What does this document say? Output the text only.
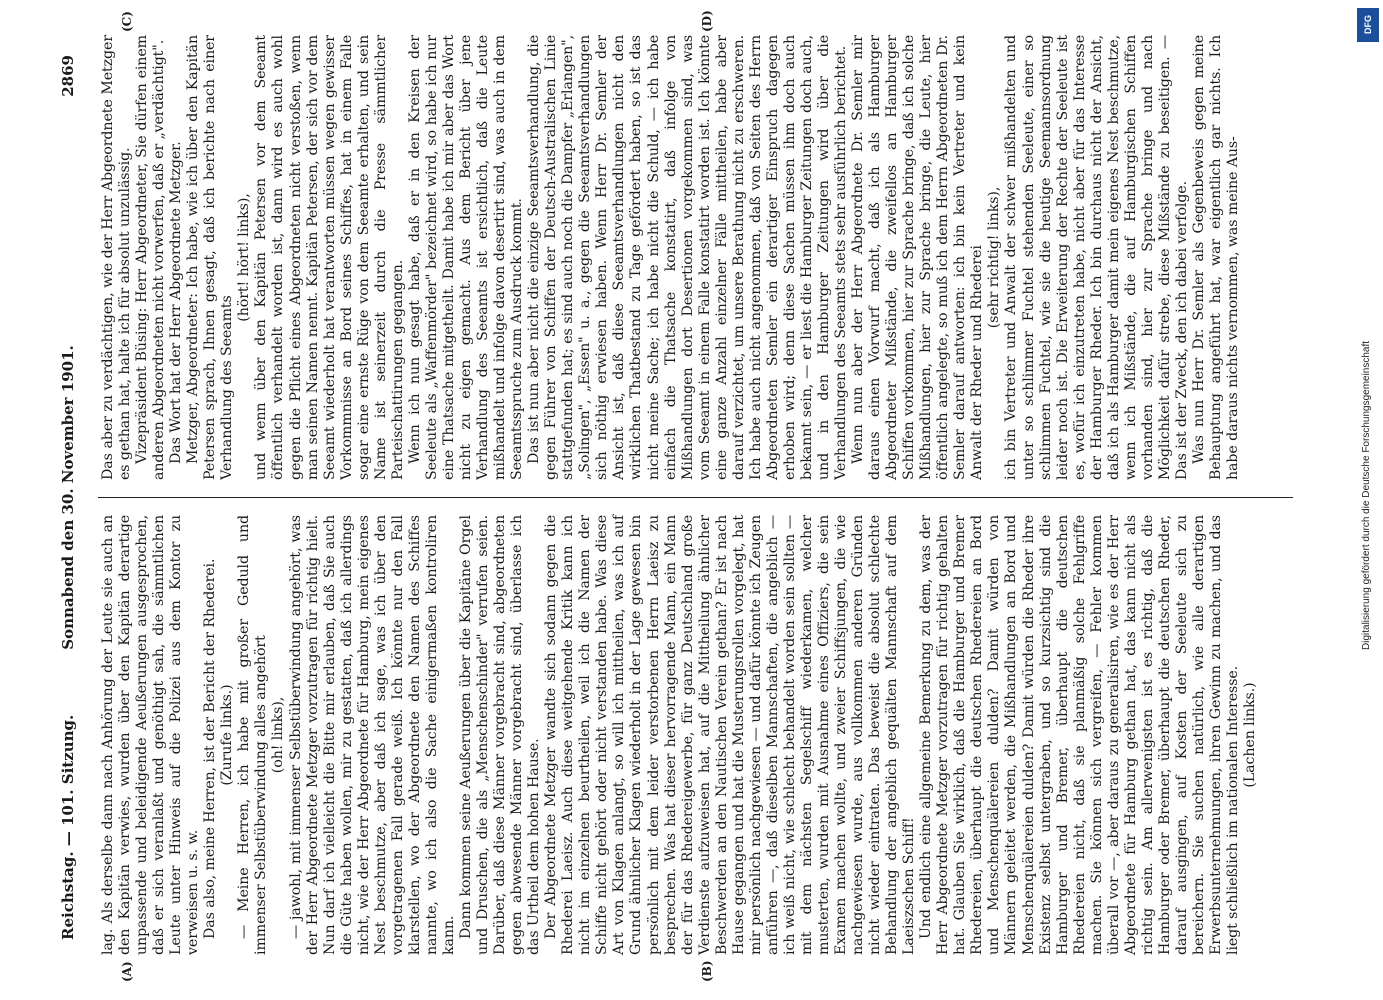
Reichstag. — 101. Sitzung.
Sonnabend den 30. November 1901.
2869
(A)	(B)
(C)	(D)

lag. Als derselbe dann nach Anhörung der Leute sie auch an den Kapitän verwies, wurden über den Kapitän derartige unpassende und beleidigende Aeußerungen ausgesprochen, daß er sich veranlaßt und genöthigt sah, die sämmtlichen Leute unter Hinweis auf die Polizei aus dem Kontor zu verweisen u. s. w. Das also, meine Herren, ist der Bericht der Rhederei. (Zurufe links.) — Meine Herren, ich habe mit großer Geduld und immenser Selbstüberwindung alles angehört (oh! links), — jawohl, mit immenser Selbstüberwindung angehört, was der Herr Abgeordnete Metzger vorzutragen für richtig hielt. Nun darf ich vielleicht die Bitte mir erlauben, daß Sie auch die Güte haben wollen, mir zu gestatten, daß ich allerdings nicht, wie der Herr Abgeordnete für Hamburg, mein eigenes Nest beschmutze, aber daß ich sage, was ich über den vorgetragenen Fall gerade weiß. Ich könnte nur den Fall klarstellen, wo der Abgeordnete den Namen des Schiffes nannte, wo ich also die Sache einigermaßen kontroliren kann. Dann kommen seine Aeußerungen über die Kapitäne Orgel und Druschen, die als „Menschenschinder" verrufen seien. Darüber, daß diese Männer vorgebracht sind, abgeordneten gegen abwesende Männer vorgebracht sind, überlasse ich das Urtheil dem hohen Hause. Der Abgeordnete Metzger wandte sich sodann gegen die Rhederei Laeisz. Auch diese weitgehende Kritik kann ich nicht im einzelnen beurtheilen, weil ich die Namen der Schiffe nicht gehört oder nicht verstanden habe. Was diese Art von Klagen anlangt, so will ich mittheilen, was ich auf Grund ähnlicher Klagen wiederholt in der Lage gewesen bin persönlich mit dem leider verstorbenen Herrn Laeisz zu besprechen. Was hat dieser hervorragende Mann, ein Mann der für das Rhedereigewerbe, für ganz Deutschland große Verdienste aufzuweisen hat, auf die Mittheilung ähnlicher Beschwerden an den Nautischen Verein gethan? Er ist nach Hause gegangen und hat die Musterungsrollen vorgelegt, hat mir persönlich nachgewiesen — und dafür könnte ich Zeugen anführen —, daß dieselben Mannschaften, die angeblich — ich weiß nicht, wie schlecht behandelt worden sein sollten — mit dem nächsten Segelschiff wiederkamen, welcher musterten, wurden mit Ausnahme eines Offiziers, die sein Examen machen wollte, und zweier Schiffsjungen, die wie nachgewiesen wurde, aus vollkommen anderen Gründen nicht wieder eintraten. Das beweist die absolut schlechte Behandlung der angeblich gequälten Mannschaft auf dem Laeiszschen Schiff! Und endlich eine allgemeine Bemerkung zu dem, was der Herr Abgeordnete Metzger vorzutragen für richtig gehalten hat. Glauben Sie wirklich, daß die Hamburger und Bremer Rhedereien, überhaupt die deutschen Rhedereien an Bord und Menschenquälereien dulden? Damit würden von Männern geleitet werden, die Mißhandlungen an Bord und Menschenquälereien dulden? Damit würden die Rheder ihre Existenz selbst untergraben, und so kurzsichtig sind die Hamburger und Bremer, überhaupt die deutschen Rhedereien nicht, daß sie planmäßig solche Fehlgriffe machen. Sie können sich vergreifen, — Fehler kommen überall vor —, aber daraus zu generalisiren, wie es der Herr Abgeordnete für Hamburg gethan hat, das kann nicht als richtig sein. Am allerwenigsten ist es richtig, daß die Hamburger oder Bremer, überhaupt die deutschen Rheder, darauf ausgingen, auf Kosten der Seeleute sich zu bereichern. Sie suchen natürlich, wie alle derartigen Erwerbsunternehmungen, ihren Gewinn zu machen, und das liegt schließlich im nationalen Interesse. (Lachen links.)

Das aber zu verdächtigen, wie der Herr Abgeordnete Metzger es gethan hat, halte ich für absolut unzulässig. Vizepräsident Büsing: Herr Abgeordneter, Sie dürfen einem anderen Abgeordneten nicht vorwerfen, daß er „verdächtigt". Das Wort hat der Herr Abgeordnete Metzger. Metzger, Abgeordneter: Ich habe, wie ich über den Kapitän Petersen sprach, Ihnen gesagt, daß ich berichte nach einer Verhandlung des Seeamts

(hört! hört! links), und wenn über den Kapitän Petersen vor dem Seeamt öffentlich verhandelt worden ist, dann wird es auch wohl gegen die Pflicht eines Abgeordneten nicht verstoßen, wenn man seinen Namen nennt. Kapitän Petersen, der sich vor dem Seeamt wiederholt hat verantworten müssen wegen gewisser Vorkommnisse an Bord seines Schiffes, hat in einem Falle sogar eine ernste Rüge von dem Seeamte erhalten, und sein Name ist seinerzeit durch die Presse sämmtlicher Parteischattirungen gegangen. Wenn ich nun gesagt habe, daß er in den Kreisen der Seeleute als „Waffenmörder" bezeichnet wird, so habe ich nur eine Thatsache mitgetheilt. Damit habe ich mir aber das Wort nicht zu eigen gemacht. Aus dem Bericht über jene Verhandlung des Seeamts ist ersichtlich, daß die Leute mißhandelt und infolge davon desertirt sind, was auch in dem Seeamtsspruche zum Ausdruck kommt. Das ist nun aber nicht die einzige Seeamtsverhandlung, die gegen Führer von Schiffen der Deutsch-Australischen Linie stattgefunden hat; es sind auch noch die Dampfer „Erlangen", „Solingen", „Essen" u. a., gegen die Seeamtsverhandlungen sich nöthig erwiesen haben. Wenn Herr Dr. Semler der Ansicht ist, daß diese Seeamtsverhandlungen nicht den wirklichen Thatbestand zu Tage gefördert haben, so ist das nicht meine Sache; ich habe nicht die Schuld, — ich habe einfach die Thatsache konstatirt, daß infolge von Mißhandlungen dort Desertionen vorgekommen sind, was vom Seeamt in einem Falle konstatirt worden ist. Ich könnte eine ganze Anzahl einzelner Fälle mittheilen, habe aber darauf verzichtet, um unsere Berathung nicht zu erschweren. Ich habe auch nicht angenommen, daß von Seiten des Herrn Abgeordneten Semler ein derartiger Einspruch dagegen erhoben wird; denn diese Sachen müssen ihm doch auch bekannt sein, — er liest die Hamburger Zeitungen doch auch, und in den Hamburger Zeitungen wird über die Verhandlungen des Seeamts stets sehr ausführlich berichtet. Wenn nun aber der Herr Abgeordnete Dr. Semler mir daraus einen Vorwurf macht, daß ich als Hamburger Abgeordneter Mißstände, die zweifellos an Hamburger Schiffen vorkommen, hier zur Sprache bringe, daß ich solche Mißhandlungen, hier zur Sprache bringe, die Leute, hier öffentlich angelegte, so muß ich dem Herrn Abgeordneten Dr. Semler darauf antworten: ich bin kein Vertreter und kein Anwalt der Rheder und Rhederei (sehr richtig! links), ich bin Vertreter und Anwalt der schwer mißhandelten und unter so schlimmer Fuchtel stehenden Seeleute, einer so schlimmen Fuchtel, wie sie die heutige Seemannsordnung leider noch ist. Die Erweiterung der Rechte der Seeleute ist es, wofür ich einzutreten habe, nicht aber für das Interesse der Hamburger Rheder. Ich bin durchaus nicht der Ansicht, daß ich als Hamburger damit mein eigenes Nest beschmutze, wenn ich Mißstände, die auf Hamburgischen Schiffen vorhanden sind, hier zur Sprache bringe und nach Möglichkeit dafür strebe, diese Mißstände zu beseitigen. — Das ist der Zweck, den ich dabei verfolge. Was nun Herr Dr. Semler als Gegenbeweis gegen meine Behauptung angeführt hat, war eigentlich gar nichts. Ich habe daraus nichts vernommen, was meine Aus-

DFG
Digitalisierung gefördert durch die Deutsche Forschungsgemeinschaft
